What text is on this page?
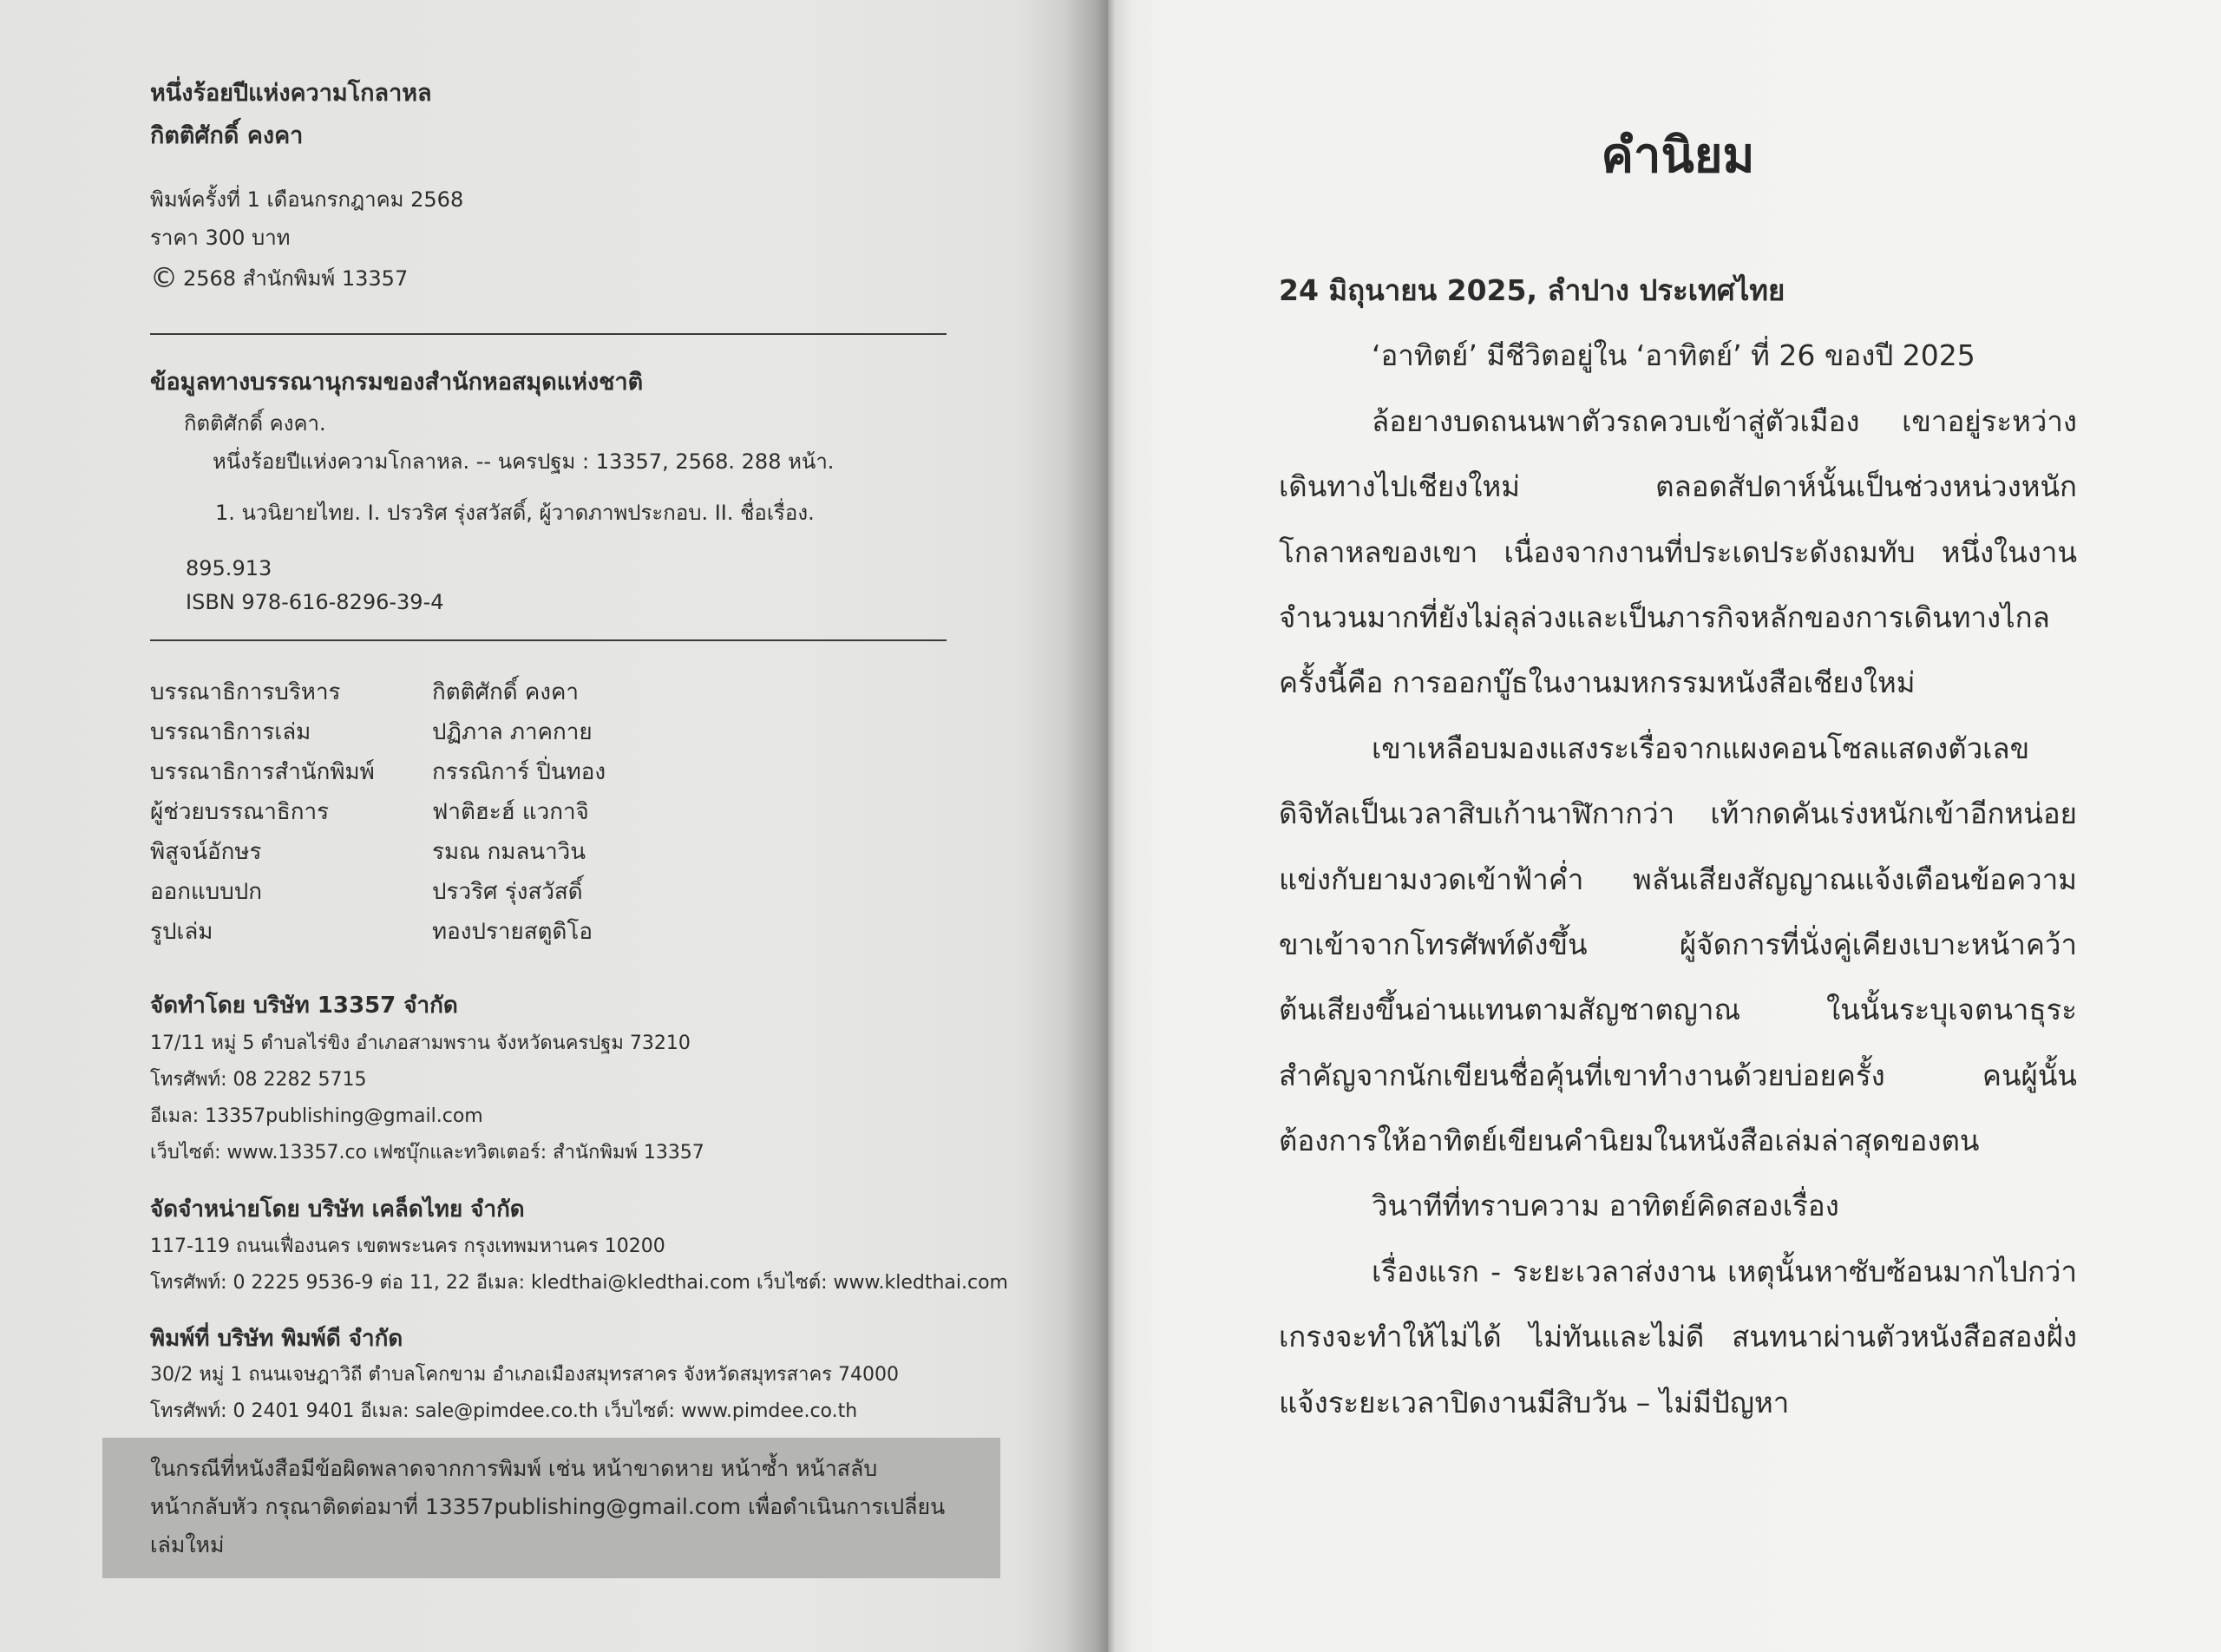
หนึ่งร้อยปีแห่งความโกลาหล
กิตติศักดิ์ คงคา
พิมพ์ครั้งที่ 1 เดือนกรกฎาคม 2568
ราคา 300 บาท
© 2568 สำนักพิมพ์ 13357
ข้อมูลทางบรรณานุกรมของสำนักหอสมุดแห่งชาติ
กิตติศักดิ์ คงคา.
หนึ่งร้อยปีแห่งความโกลาหล. -- นครปฐม : 13357, 2568. 288 หน้า.
1. นวนิยายไทย. I. ปรวริศ รุ่งสวัสดิ์, ผู้วาดภาพประกอบ. II. ชื่อเรื่อง.
895.913
ISBN 978-616-8296-39-4
บรรณาธิการบริหาร	กิตติศักดิ์ คงคา
บรรณาธิการเล่ม	ปฏิภาล ภาคกาย
บรรณาธิการสำนักพิมพ์	กรรณิการ์ ปิ่นทอง
ผู้ช่วยบรรณาธิการ	ฟาติฮะฮ์ แวกาจิ
พิสูจน์อักษร	รมณ กมลนาวิน
ออกแบบปก	ปรวริศ รุ่งสวัสดิ์
รูปเล่ม	ทองปรายสตูดิโอ
จัดทำโดย บริษัท 13357 จำกัด
17/11 หมู่ 5 ตำบลไร่ขิง อำเภอสามพราน จังหวัดนครปฐม 73210
โทรศัพท์: 08 2282 5715
อีเมล: 13357publishing@gmail.com
เว็บไซต์: www.13357.co เฟซบุ๊กและทวิตเตอร์: สำนักพิมพ์ 13357
จัดจำหน่ายโดย บริษัท เคล็ดไทย จำกัด
117-119 ถนนเฟื่องนคร เขตพระนคร กรุงเทพมหานคร 10200
โทรศัพท์: 0 2225 9536-9 ต่อ 11, 22 อีเมล: kledthai@kledthai.com เว็บไซต์: www.kledthai.com
พิมพ์ที่ บริษัท พิมพ์ดี จำกัด
30/2 หมู่ 1 ถนนเจษฎาวิถี ตำบลโคกขาม อำเภอเมืองสมุทรสาคร จังหวัดสมุทรสาคร 74000
โทรศัพท์: 0 2401 9401 อีเมล: sale@pimdee.co.th เว็บไซต์: www.pimdee.co.th
ในกรณีที่หนังสือมีข้อผิดพลาดจากการพิมพ์ เช่น หน้าขาดหาย หน้าซ้ำ หน้าสลับ
หน้ากลับหัว กรุณาติดต่อมาที่ 13357publishing@gmail.com เพื่อดำเนินการเปลี่ยน
เล่มใหม่
คำนิยม
24 มิถุนายน 2025, ลำปาง ประเทศไทย
‘อาทิตย์’ มีชีวิตอยู่ใน ‘อาทิตย์’ ที่ 26 ของปี 2025
ล้อยางบดถนนพาตัวรถควบเข้าสู่ตัวเมือง เขาอยู่ระหว่าง
เดินทางไปเชียงใหม่ ตลอดสัปดาห์นั้นเป็นช่วงหน่วงหนัก
โกลาหลของเขา เนื่องจากงานที่ประเดประดังถมทับ หนึ่งในงาน
จำนวนมากที่ยังไม่ลุล่วงและเป็นภารกิจหลักของการเดินทางไกล
ครั้งนี้คือ การออกบู๊ธในงานมหกรรมหนังสือเชียงใหม่
เขาเหลือบมองแสงระเรื่อจากแผงคอนโซลแสดงตัวเลข
ดิจิทัลเป็นเวลาสิบเก้านาฬิกากว่า เท้ากดคันเร่งหนักเข้าอีกหน่อย
แข่งกับยามงวดเข้าฟ้าค่ำ พลันเสียงสัญญาณแจ้งเตือนข้อความ
ขาเข้าจากโทรศัพท์ดังขึ้น ผู้จัดการที่นั่งคู่เคียงเบาะหน้าคว้า
ต้นเสียงขึ้นอ่านแทนตามสัญชาตญาณ ในนั้นระบุเจตนาธุระ
สำคัญจากนักเขียนชื่อคุ้นที่เขาทำงานด้วยบ่อยครั้ง คนผู้นั้น
ต้องการให้อาทิตย์เขียนคำนิยมในหนังสือเล่มล่าสุดของตน
วินาทีที่ทราบความ อาทิตย์คิดสองเรื่อง
เรื่องแรก - ระยะเวลาส่งงาน เหตุนั้นหาซับซ้อนมากไปกว่า
เกรงจะทำให้ไม่ได้ ไม่ทันและไม่ดี สนทนาผ่านตัวหนังสือสองฝั่ง
แจ้งระยะเวลาปิดงานมีสิบวัน – ไม่มีปัญหา
